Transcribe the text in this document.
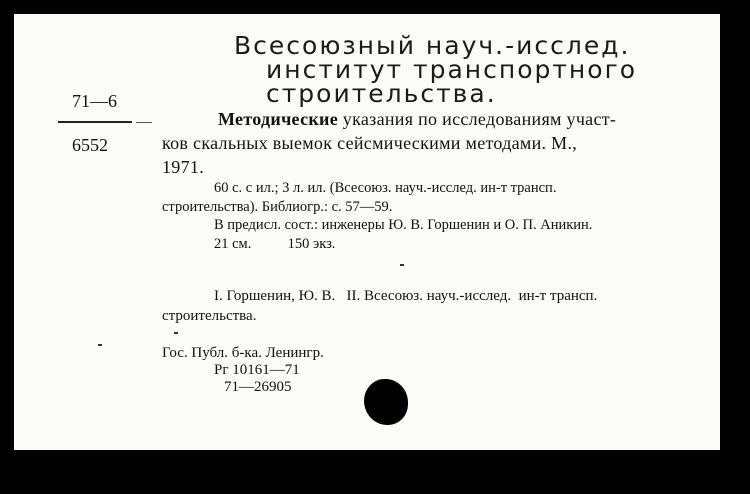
Всесоюзный науч.-исслед.
институт транспортного
строительства.
71—6
6552
Методические указания по исследованиям участ-
ков скальных выемок сейсмическими методами. М.,
1971.
60 с. с ил.; 3 л. ил. (Всесоюз. науч.-исслед. ин-т трансп.
строительства). Библиогр.: с. 57—59.
В предисл. сост.: инженеры Ю. В. Горшенин и О. П. Аникин.
21 см.          150 экз.
I. Горшенин, Ю. В.   II. Всесоюз. науч.-исслед.  ин-т трансп.
строительства.
Гос. Публ. б-ка. Ленингр.
Рг 10161—71
71—26905
